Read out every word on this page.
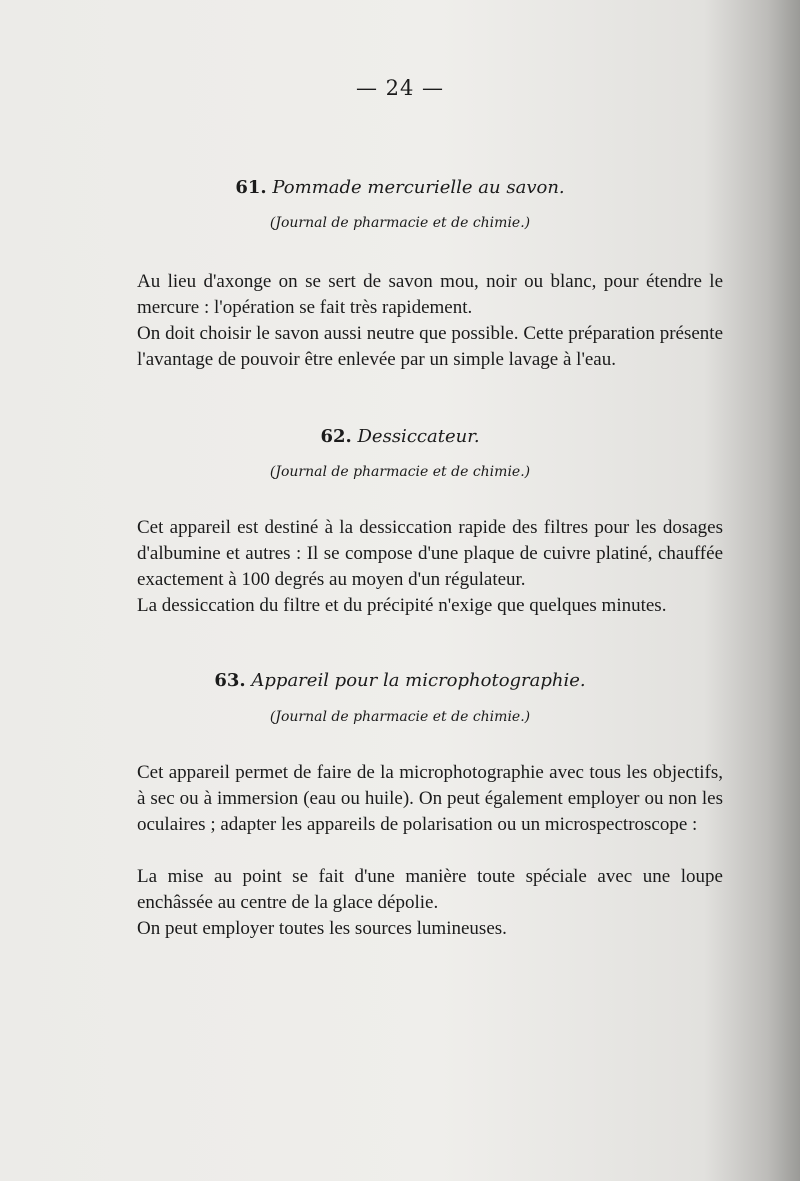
— 24 —
61. Pommade mercurielle au savon.
(Journal de pharmacie et de chimie.)

Au lieu d'axonge on se sert de savon mou, noir ou blanc, pour étendre le mercure : l'opération se fait très rapidement.

On doit choisir le savon aussi neutre que possible. Cette préparation présente l'avantage de pouvoir être enlevée par un simple lavage à l'eau.

62. Dessiccateur.
(Journal de pharmacie et de chimie.)

Cet appareil est destiné à la dessiccation rapide des filtres pour les dosages d'albumine et autres : Il se compose d'une plaque de cuivre platiné, chauffée exactement à 100 degrés au moyen d'un régulateur.

La dessiccation du filtre et du précipité n'exige que quelques minutes.

63. Appareil pour la microphotographie.
(Journal de pharmacie et de chimie.)

Cet appareil permet de faire de la microphotographie avec tous les objectifs, à sec ou à immersion (eau ou huile). On peut également employer ou non les oculaires ; adapter les appareils de polarisation ou un microspectroscope :

La mise au point se fait d'une manière toute spéciale avec une loupe enchâssée au centre de la glace dépolie.

On peut employer toutes les sources lumineuses.
